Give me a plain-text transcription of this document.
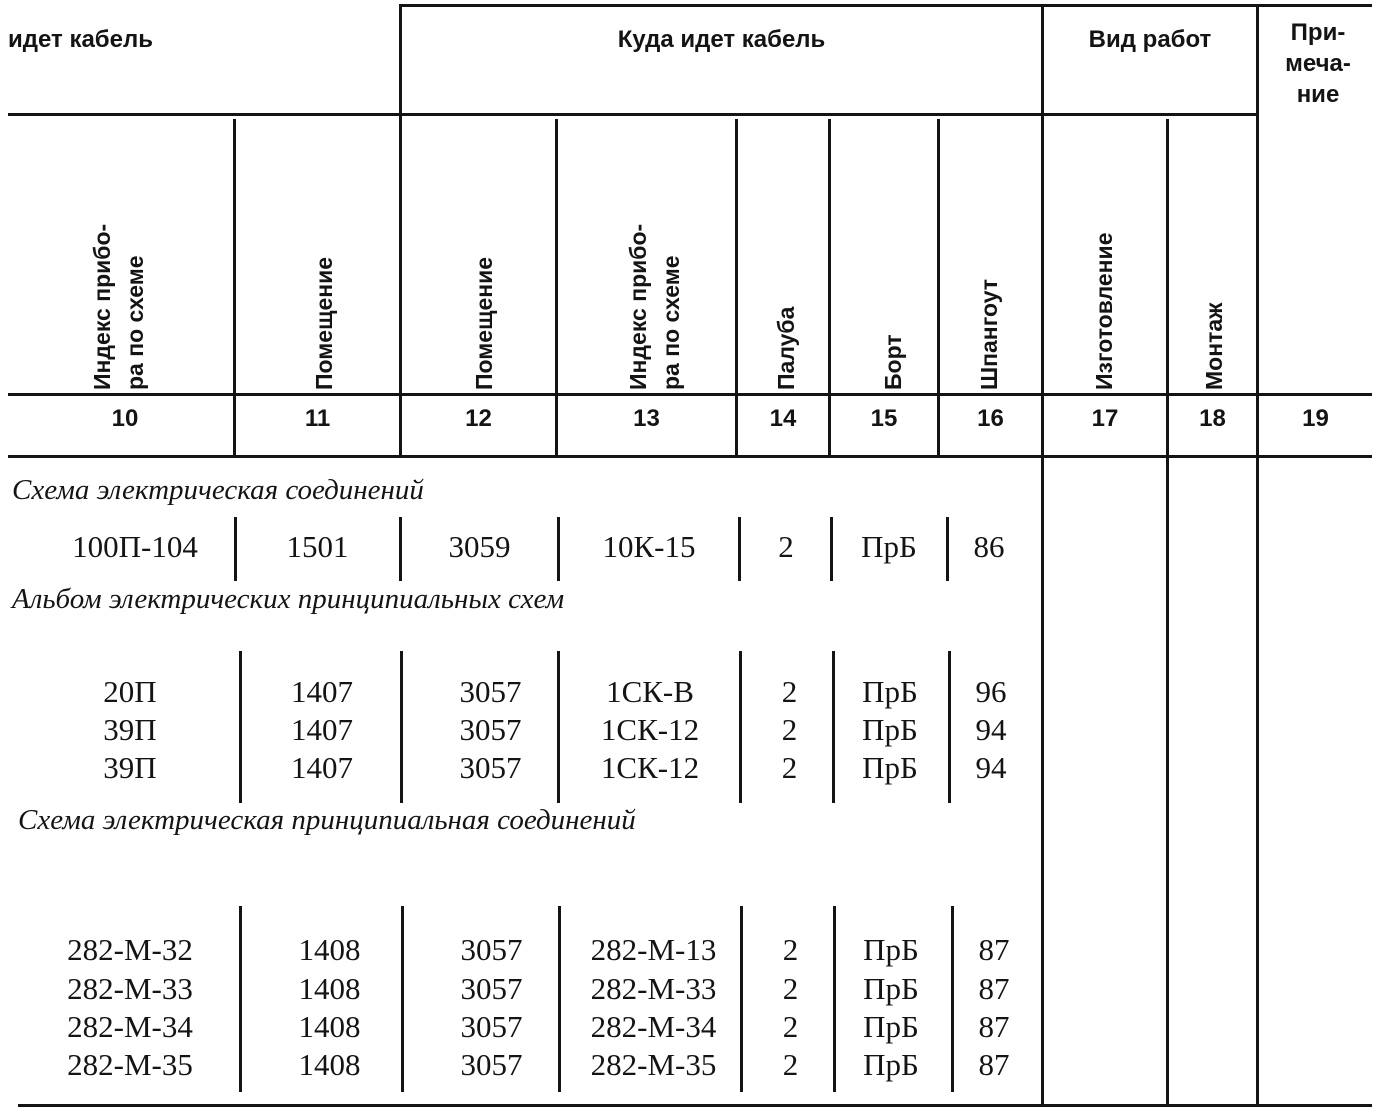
идет кабель	Куда идет кабель	Вид работ	При-
меча-
ние
Индекс прибо- ра по схеме	Помещение	Помещение	Индекс прибо- ра по схеме	Палуба	Борт	Шпангоут	Изготовление	Монтаж
10	11	12	13	14	15	16	17	18	19
Схема электрическая соединений
Альбом электрических принципиальных схем
Схема электрическая принципиальная соединений
100П-104	1501	3059	10К-15	2	ПрБ	86
20П	1407	3057	1СК-В	2	ПрБ	96
39П	1407	3057	1СК-12	2	ПрБ	94
39П	1407	3057	1СК-12	2	ПрБ	94
282-М-32	1408	3057	282-М-13	2	ПрБ	87
282-М-33	1408	3057	282-М-33	2	ПрБ	87
282-М-34	1408	3057	282-М-34	2	ПрБ	87
282-М-35	1408	3057	282-М-35	2	ПрБ	87
